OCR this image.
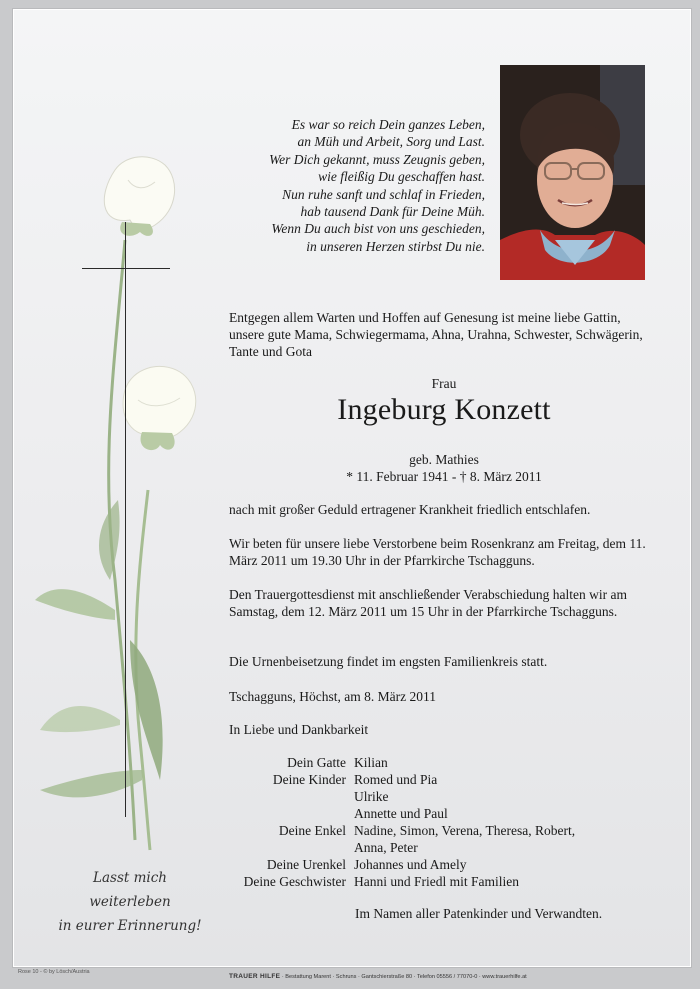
Es war so reich Dein ganzes Leben,
an Müh und Arbeit, Sorg und Last.
Wer Dich gekannt, muss Zeugnis geben,
wie fleißig Du geschaffen hast.
Nun ruhe sanft und schlaf in Frieden,
hab tausend Dank für Deine Müh.
Wenn Du auch bist von uns geschieden,
in unseren Herzen stirbst Du nie.
Entgegen allem Warten und Hoffen auf Genesung ist meine liebe Gattin, unsere gute Mama, Schwiegermama, Ahna, Urahna, Schwester, Schwägerin, Tante und Gota
Frau
Ingeburg Konzett
geb. Mathies
* 11. Februar 1941 - † 8. März 2011
nach mit großer Geduld ertragener Krankheit friedlich entschlafen.
Wir beten für unsere liebe Verstorbene beim Rosenkranz am Freitag, dem 11. März 2011 um 19.30 Uhr in der Pfarrkirche Tschagguns.
Den Trauergottesdienst mit anschließender Verabschiedung halten wir am Samstag, dem 12. März 2011 um 15 Uhr in der Pfarrkirche Tschagguns.
Die Urnenbeisetzung findet im engsten Familienkreis statt.
Tschagguns, Höchst, am 8. März 2011
In Liebe und Dankbarkeit
Dein Gatte Kilian
Deine Kinder Romed und Pia
Ulrike
Annette und Paul
Deine Enkel Nadine, Simon, Verena, Theresa, Robert,
Anna, Peter
Deine Urenkel Johannes und Amely
Deine Geschwister Hanni und Friedl mit Familien
Im Namen aller Patenkinder und Verwandten.
Lasst mich
weiterleben
in eurer Erinnerung!
Rose 10 - © by Lösch/Austria
TRAUER HILFE · Bestattung Marent · Schruns · Gantschierstraße 80 · Telefon 05556 / 77070-0 · www.trauerhilfe.at
